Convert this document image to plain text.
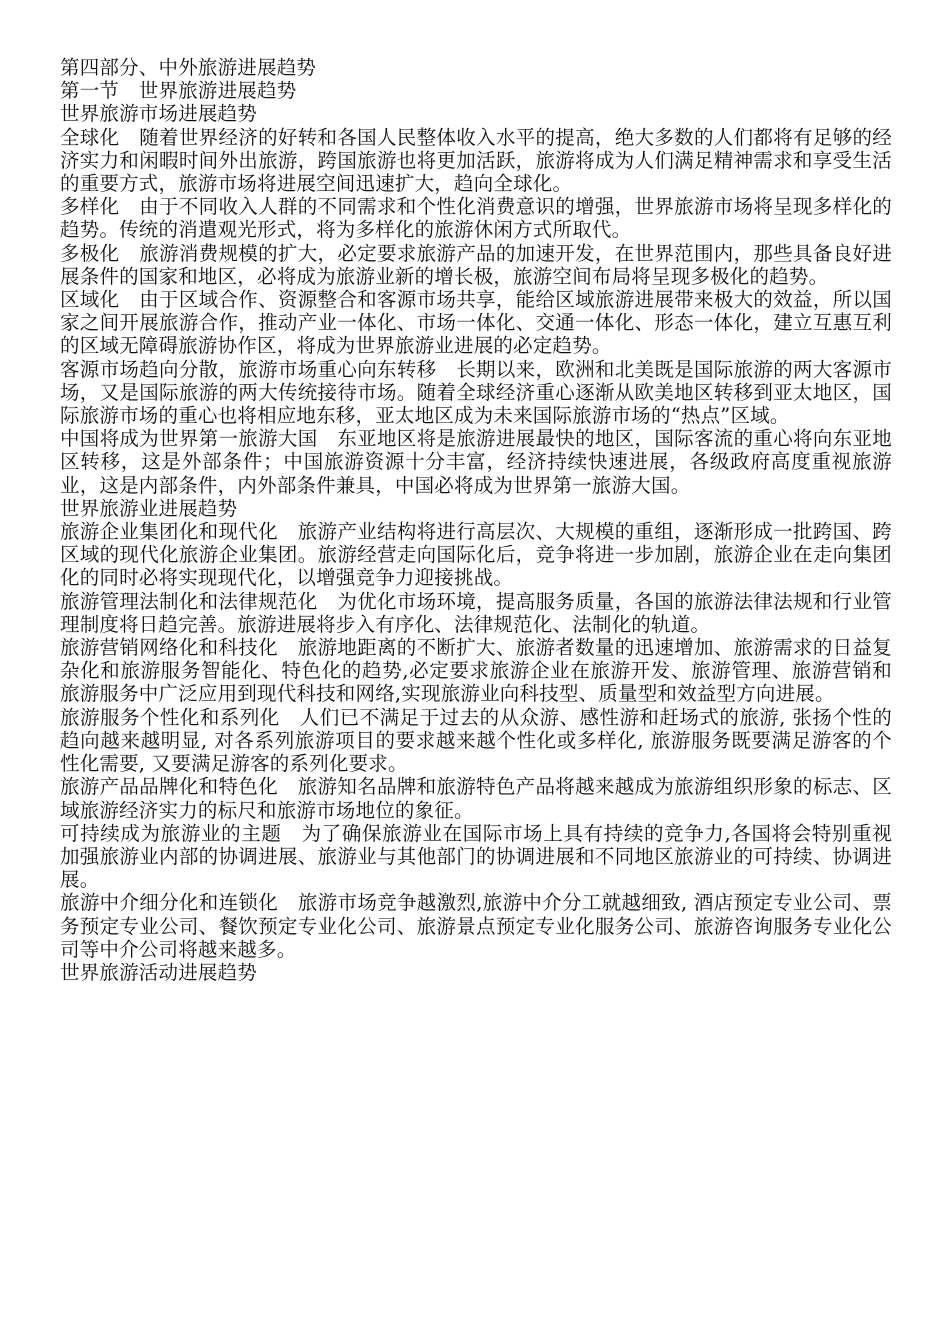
第四部分、中外旅游进展趋势

第一节　世界旅游进展趋势

世界旅游市场进展趋势

全球化　随着世界经济的好转和各国人民整体收入水平的提高，绝大多数的人们都将有足够的经济实力和闲暇时间外出旅游，跨国旅游也将更加活跃，旅游将成为人们满足精神需求和享受生活的重要方式，旅游市场将进展空间迅速扩大，趋向全球化。

多样化　由于不同收入人群的不同需求和个性化消费意识的增强，世界旅游市场将呈现多样化的趋势。传统的消遣观光形式，将为多样化的旅游休闲方式所取代。

多极化　旅游消费规模的扩大，必定要求旅游产品的加速开发，在世界范围内，那些具备良好进展条件的国家和地区，必将成为旅游业新的增长极，旅游空间布局将呈现多极化的趋势。

区域化　由于区域合作、资源整合和客源市场共享，能给区域旅游进展带来极大的效益，所以国家之间开展旅游合作，推动产业一体化、市场一体化、交通一体化、形态一体化，建立互惠互利的区域无障碍旅游协作区，将成为世界旅游业进展的必定趋势。

客源市场趋向分散，旅游市场重心向东转移　长期以来，欧洲和北美既是国际旅游的两大客源市场，又是国际旅游的两大传统接待市场。随着全球经济重心逐渐从欧美地区转移到亚太地区，国际旅游市场的重心也将相应地东移，亚太地区成为未来国际旅游市场的“热点”区域。

中国将成为世界第一旅游大国　东亚地区将是旅游进展最快的地区，国际客流的重心将向东亚地区转移，这是外部条件；中国旅游资源十分丰富，经济持续快速进展，各级政府高度重视旅游业，这是内部条件，内外部条件兼具，中国必将成为世界第一旅游大国。

世界旅游业进展趋势

旅游企业集团化和现代化　旅游产业结构将进行高层次、大规模的重组，逐渐形成一批跨国、跨区域的现代化旅游企业集团。旅游经营走向国际化后，竞争将进一步加剧，旅游企业在走向集团化的同时必将实现现代化，以增强竞争力迎接挑战。

旅游管理法制化和法律规范化　为优化市场环境，提高服务质量，各国的旅游法律法规和行业管理制度将日趋完善。旅游进展将步入有序化、法律规范化、法制化的轨道。

旅游营销网络化和科技化　旅游地距离的不断扩大、旅游者数量的迅速增加、旅游需求的日益复杂化和旅游服务智能化、特色化的趋势,必定要求旅游企业在旅游开发、旅游管理、旅游营销和旅游服务中广泛应用到现代科技和网络,实现旅游业向科技型、质量型和效益型方向进展。

旅游服务个性化和系列化　人们已不满足于过去的从众游、感性游和赶场式的旅游, 张扬个性的趋向越来越明显, 对各系列旅游项目的要求越来越个性化或多样化, 旅游服务既要满足游客的个性化需要, 又要满足游客的系列化要求。

旅游产品品牌化和特色化　旅游知名品牌和旅游特色产品将越来越成为旅游组织形象的标志、区域旅游经济实力的标尺和旅游市场地位的象征。

可持续成为旅游业的主题　为了确保旅游业在国际市场上具有持续的竞争力,各国将会特别重视加强旅游业内部的协调进展、旅游业与其他部门的协调进展和不同地区旅游业的可持续、协调进展。

旅游中介细分化和连锁化　旅游市场竞争越激烈,旅游中介分工就越细致, 酒店预定专业公司、票务预定专业公司、餐饮预定专业化公司、旅游景点预定专业化服务公司、旅游咨询服务专业化公司等中介公司将越来越多。

世界旅游活动进展趋势
